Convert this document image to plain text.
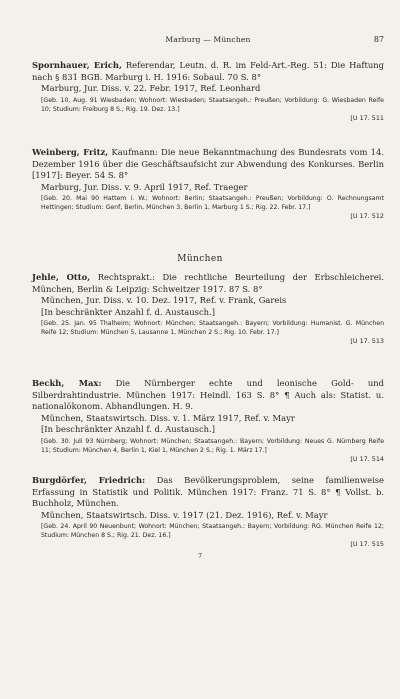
Marburg — München	87

Spornhauer, Erich, Referendar, Leutn. d. R. im Feld-Art.-Reg. 51: Die Haftung nach § 831 BGB. Marburg i. H. 1916: Sobaul. 70 S. 8°

Marburg, Jur. Diss. v. 22. Febr. 1917, Ref. Leonhard

[Geb. 10. Aug. 91 Wiesbaden; Wohnort: Wiesbaden; Staatsangeh.: Preußen; Vorbildung: G. Wiesbaden Reife 10; Studium: Freiburg 8 S.; Rig. 19. Dez. 13.]

[U 17. 511

Weinberg, Fritz, Kaufmann: Die neue Bekanntmachung des Bundesrats vom 14. Dezember 1916 über die Geschäftsaufsicht zur Abwendung des Konkurses. Berlin [1917]: Beyer. 54 S. 8°

Marburg, Jur. Diss. v. 9. April 1917, Ref. Traeger

[Geb. 20. Mai 90 Hattem i. W.; Wohnort: Berlin; Staatsangeh.: Preußen; Vorbildung: O. Rechnungsamt Hettingen; Studium: Genf, Berlin, München 3, Berlin 1, Marburg 1 S.; Rig. 22. Febr. 17.]

[U 17. 512

München

Jehle, Otto, Rechtsprakt.: Die rechtliche Beurteilung der Erbschleicherei. München, Berlin & Leipzig: Schweitzer 1917. 87 S. 8°

München, Jur. Diss. v. 10. Dez. 1917, Ref. v. Frank, Gareis

[In beschränkter Anzahl f. d. Austausch.]

[Geb. 25. Jan. 95 Thalheim; Wohnort: München; Staatsangeh.: Bayern; Vorbildung: Humanist. G. München Reife 12; Studium: München 5, Lausanne 1, München 2 S.; Rig. 10. Febr. 17.]

[U 17. 513

Beckh, Max: Die Nürnberger echte und leonische Gold- und Silberdrahtindustrie. München 1917: Heindl. 163 S. 8° ¶ Auch als: Statist. u. nationalökonom. Abhandlungen. H. 9.

München, Staatswirtsch. Diss. v. 1. März 1917, Ref. v. Mayr

[In beschränkter Anzahl f. d. Austausch.]

[Geb. 30. Juli 93 Nürnberg; Wohnort: München; Staatsangeh.: Bayern; Vorbildung: Neues G. Nürnberg Reife 11; Studium: München 4, Berlin 1, Kiel 1, München 2 S.; Rig. 1. März 17.]

[U 17. 514

Burgdörfer, Friedrich: Das Bevölkerungsproblem, seine familienweise Erfassung in Statistik und Politik. München 1917: Franz. 71 S. 8° ¶ Vollst. b. Buchholz, München.

München, Staatswirtsch. Diss. v. 1917 (21. Dez. 1916), Ref. v. Mayr

[Geb. 24. April 90 Neuenbunt; Wohnort: München; Staatsangeh.: Bayern; Vorbildung: RG. München Reife 12; Studium: München 8 S.; Rig. 21. Dez. 16.]

[U 17. 515

7
